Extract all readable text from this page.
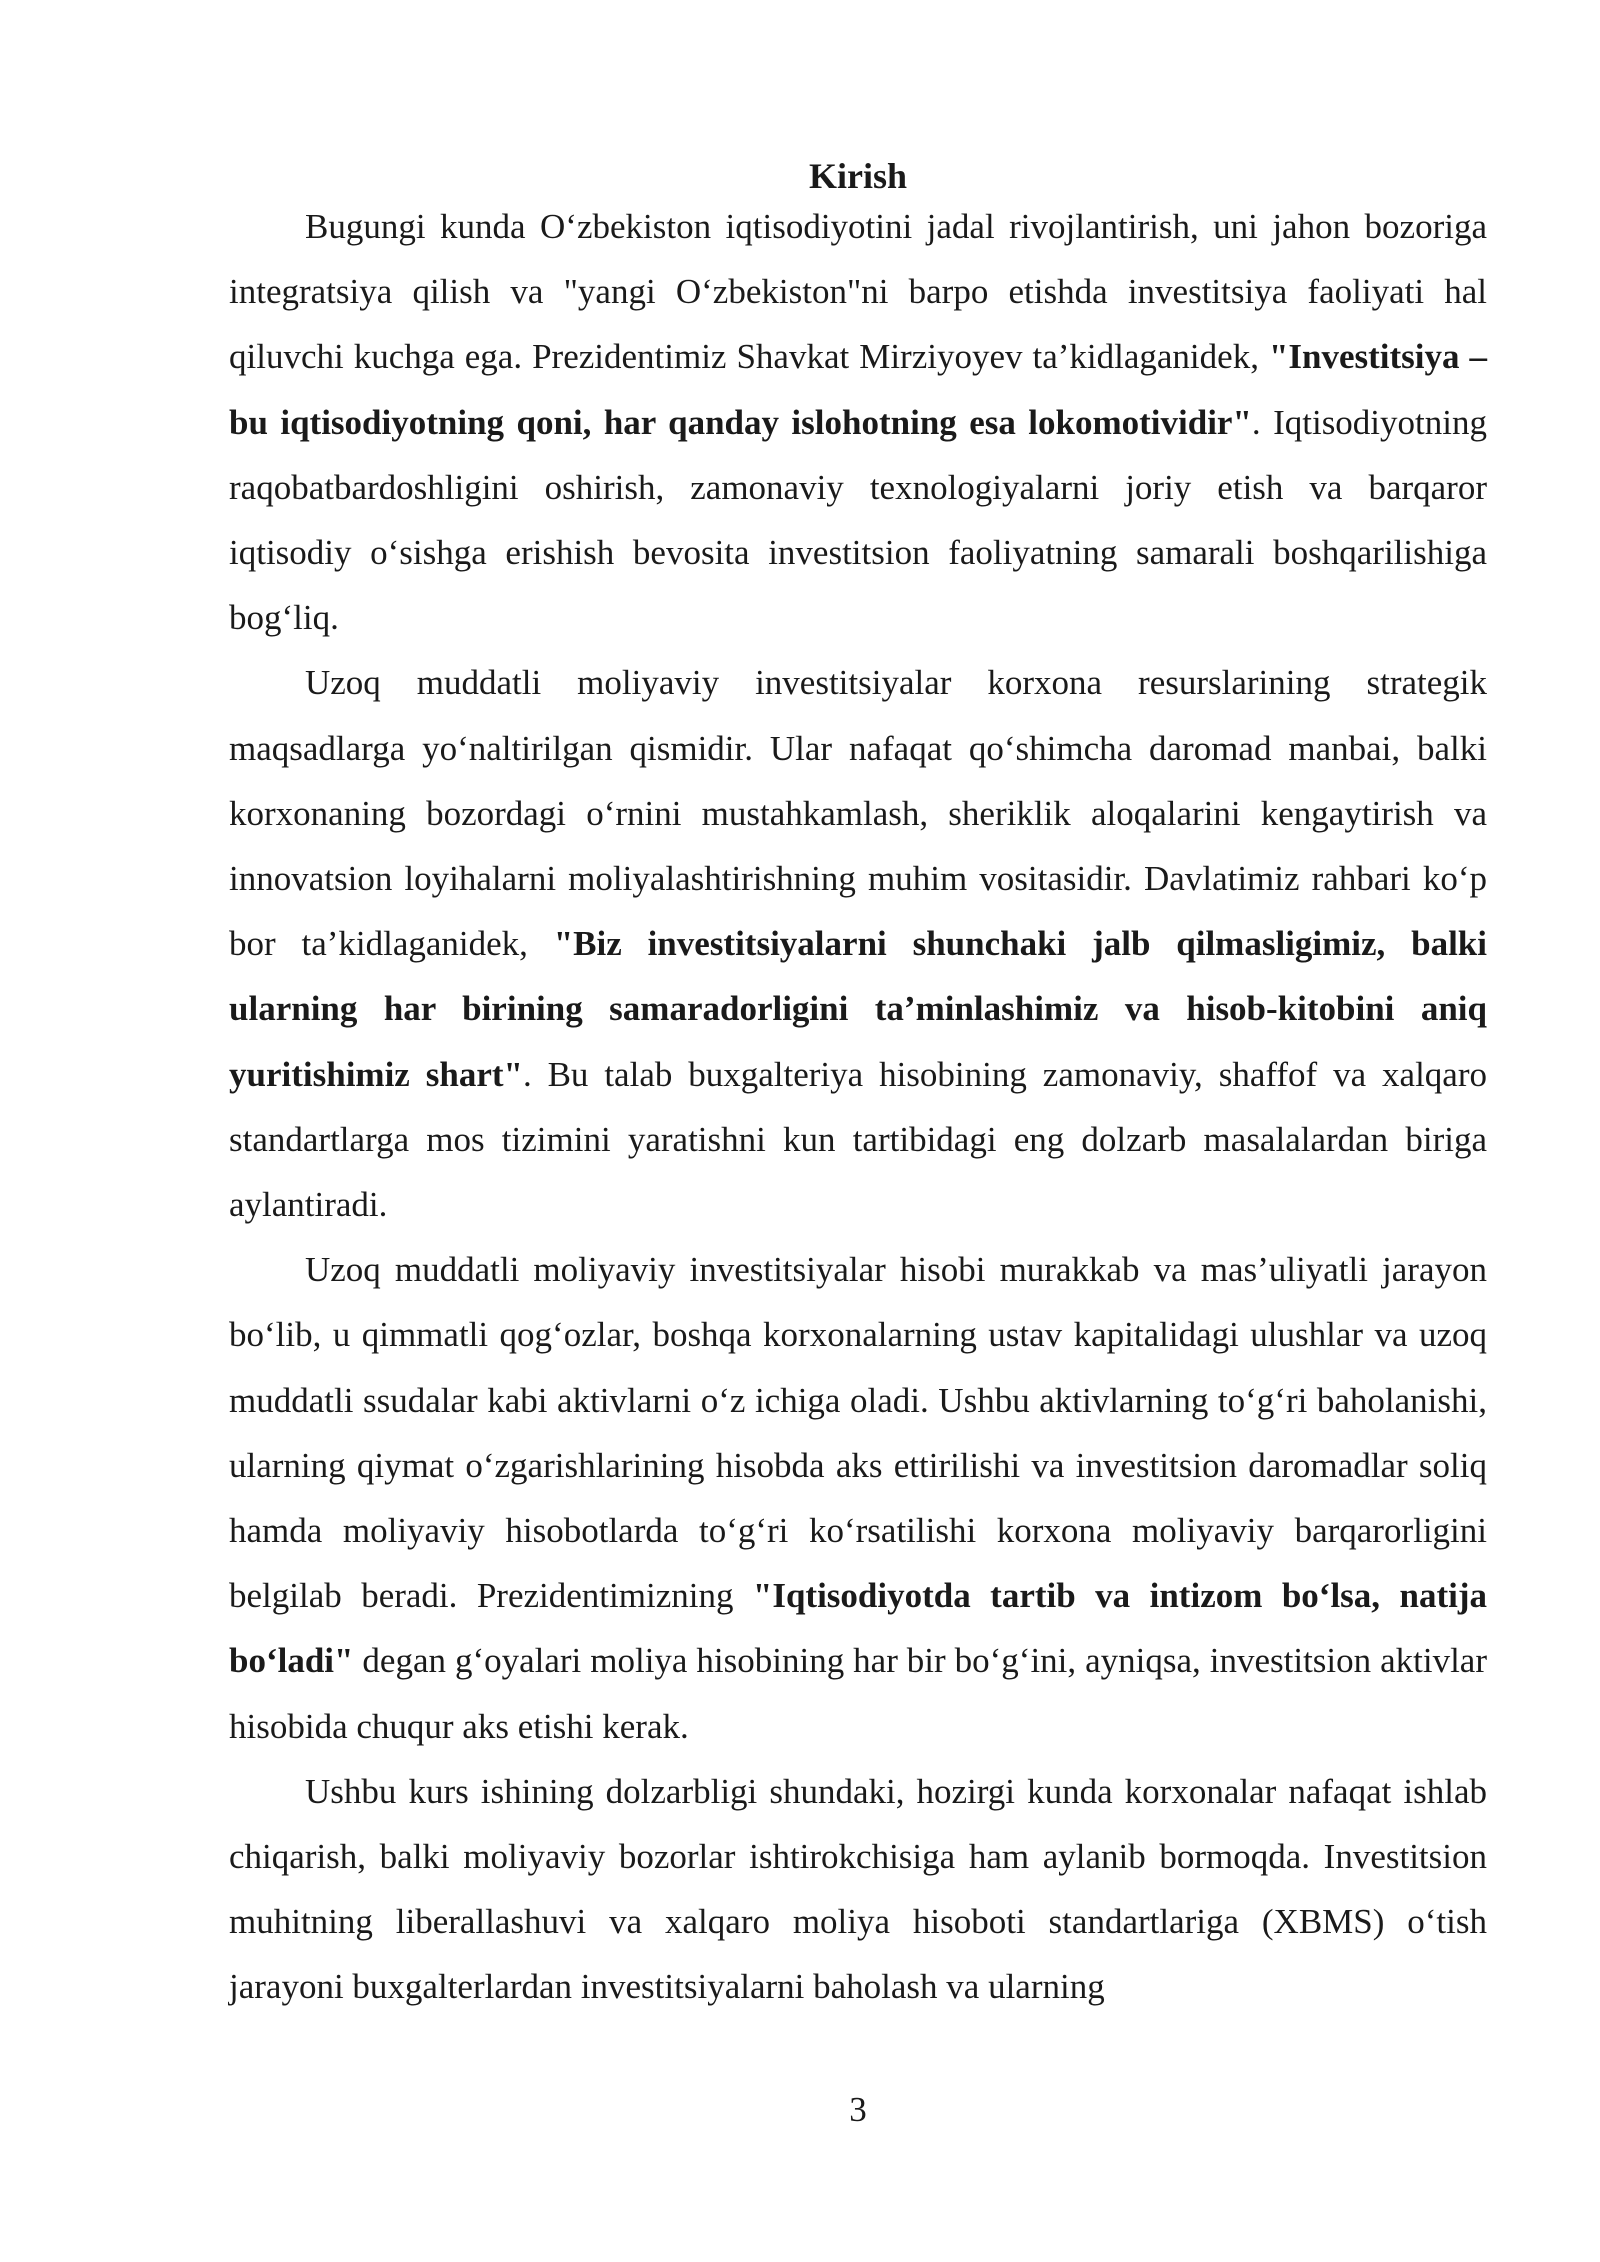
Kirish

Bugungi kunda O‘zbekiston iqtisodiyotini jadal rivojlantirish, uni jahon bozoriga integratsiya qilish va "yangi O‘zbekiston"ni barpo etishda investitsiya faoliyati hal qiluvchi kuchga ega. Prezidentimiz Shavkat Mirziyoyev ta’kidlaganidek, "Investitsiya – bu iqtisodiyotning qoni, har qanday islohotning esa lokomotividir". Iqtisodiyotning raqobatbardoshligini oshirish, zamonaviy texnologiyalarni joriy etish va barqaror iqtisodiy o‘sishga erishish bevosita investitsion faoliyatning samarali boshqarilishiga bog‘liq.

Uzoq muddatli moliyaviy investitsiyalar korxona resurslarining strategik maqsadlarga yo‘naltirilgan qismidir. Ular nafaqat qo‘shimcha daromad manbai, balki korxonaning bozordagi o‘rnini mustahkamlash, sheriklik aloqalarini kengaytirish va innovatsion loyihalarni moliyalashtirishning muhim vositasidir. Davlatimiz rahbari ko‘p bor ta’kidlaganidek, "Biz investitsiyalarni shunchaki jalb qilmasligimiz, balki ularning har birining samaradorligini ta’minlashimiz va hisob-kitobini aniq yuritishimiz shart". Bu talab buxgalteriya hisobining zamonaviy, shaffof va xalqaro standartlarga mos tizimini yaratishni kun tartibidagi eng dolzarb masalalardan biriga aylantiradi.

Uzoq muddatli moliyaviy investitsiyalar hisobi murakkab va mas’uliyatli jarayon bo‘lib, u qimmatli qog‘ozlar, boshqa korxonalarning ustav kapitalidagi ulushlar va uzoq muddatli ssudalar kabi aktivlarni o‘z ichiga oladi. Ushbu aktivlarning to‘g‘ri baholanishi, ularning qiymat o‘zgarishlarining hisobda aks ettirilishi va investitsion daromadlar soliq hamda moliyaviy hisobotlarda to‘g‘ri ko‘rsatilishi korxona moliyaviy barqarorligini belgilab beradi. Prezidentimizning "Iqtisodiyotda tartib va intizom bo‘lsa, natija bo‘ladi" degan g‘oyalari moliya hisobining har bir bo‘g‘ini, ayniqsa, investitsion aktivlar hisobida chuqur aks etishi kerak.

Ushbu kurs ishining dolzarbligi shundaki, hozirgi kunda korxonalar nafaqat ishlab chiqarish, balki moliyaviy bozorlar ishtirokchisiga ham aylanib bormoqda. Investitsion muhitning liberallashuvi va xalqaro moliya hisoboti standartlariga (XBMS) o‘tish jarayoni buxgalterlardan investitsiyalarni baholash va ularning

3
